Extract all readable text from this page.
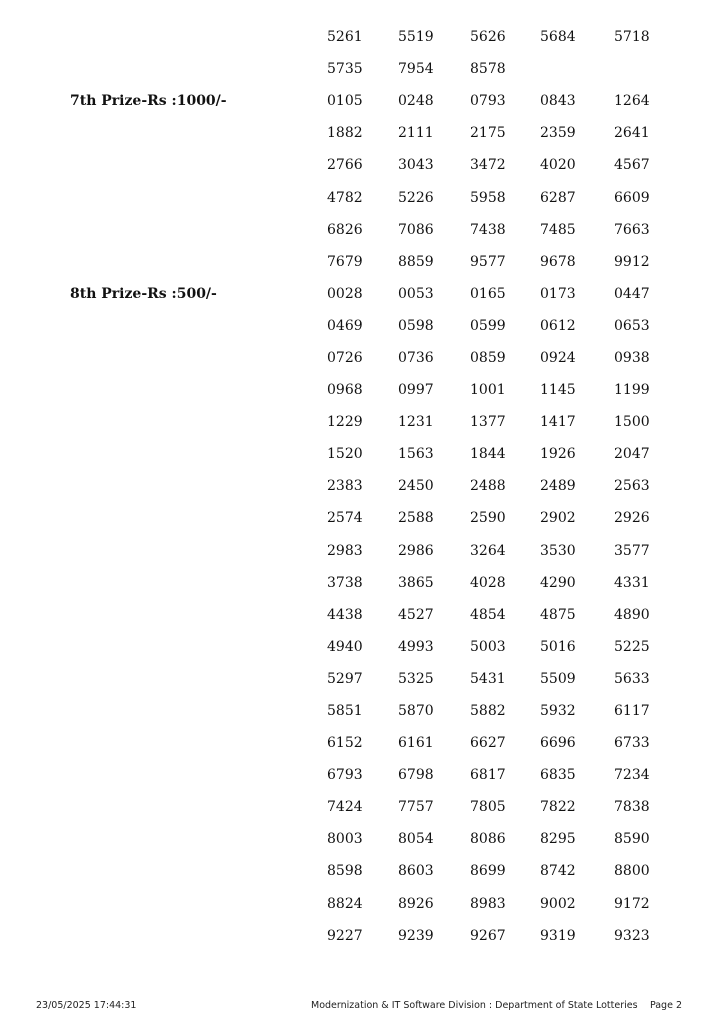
5261	5519	5626 5684	5718
5735	7954	8578
7th Prize-Rs :1000/-	0105	0248	0793 0843	1264
1882	2111	2175 2359	2641
2766	3043	3472 4020	4567
4782	5226	5958 6287	6609
6826	7086	7438 7485	7663
7679	8859	9577 9678	9912
8th Prize-Rs :500/-	0028	0053	0165 0173	0447
0469	0598	0599 0612	0653
0726	0736	0859 0924	0938
0968	0997	1001 1145	1199
1229	1231	1377 1417	1500
1520	1563	1844 1926	2047
2383	2450	2488 2489	2563
2574	2588	2590 2902	2926
2983	2986	3264 3530	3577
3738	3865	4028 4290	4331
4438	4527	4854 4875	4890
4940	4993	5003 5016	5225
5297	5325	5431 5509	5633
5851	5870	5882 5932	6117
6152	6161	6627 6696	6733
6793	6798	6817 6835	7234
7424	7757	7805 7822	7838
8003	8054	8086 8295	8590
8598	8603	8699 8742	8800
8824	8926	8983 9002	9172
9227	9239	9267 9319	9323
23/05/2025 17:44:31	Modernization & IT Software Division : Department of State Lotteries Page 2
